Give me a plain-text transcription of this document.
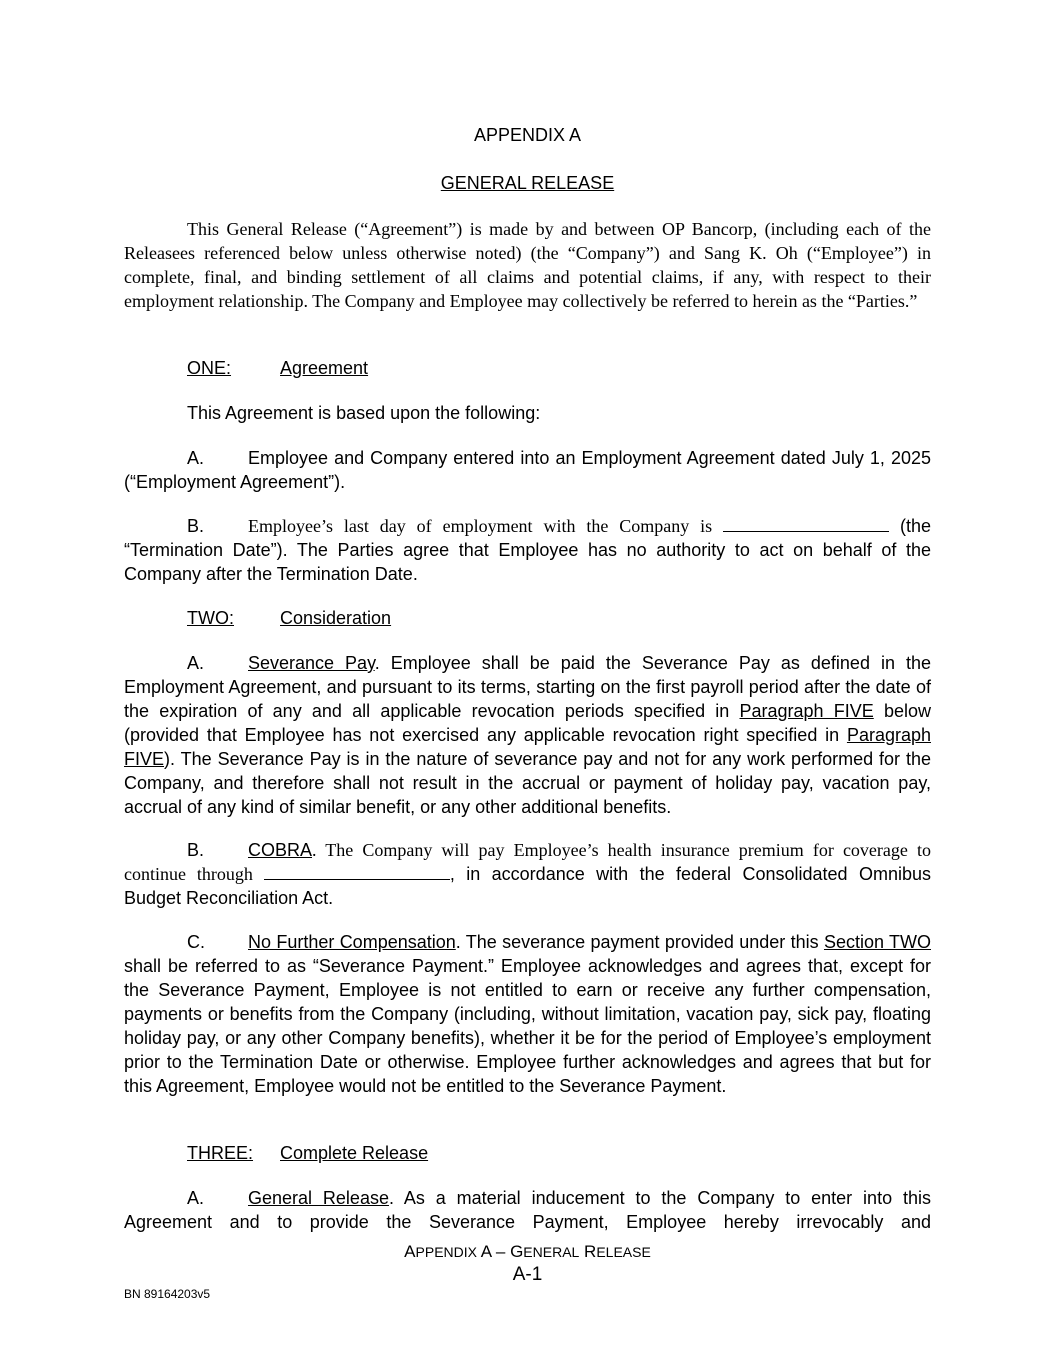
APPENDIX A
GENERAL RELEASE
This General Release (“Agreement”) is made by and between OP Bancorp, (including each of the Releasees referenced below unless otherwise noted) (the “Company”) and Sang K. Oh (“Employee”) in complete, final, and binding settlement of all claims and potential claims, if any, with respect to their employment relationship. The Company and Employee may collectively be referred to herein as the “Parties.”
ONE:	Agreement
This Agreement is based upon the following:
A. Employee and Company entered into an Employment Agreement dated July 1, 2025 (“Employment Agreement”).
B. Employee’s last day of employment with the Company is	(the “Termination Date”). The Parties agree that Employee has no authority to act on behalf of the Company after the Termination Date.
TWO:	Consideration
A. Severance Pay. Employee shall be paid the Severance Pay as defined in the Employment Agreement, and pursuant to its terms, starting on the first payroll period after the date of the expiration of any and all applicable revocation periods specified in Paragraph FIVE below (provided that Employee has not exercised any applicable revocation right specified in Paragraph FIVE). The Severance Pay is in the nature of severance pay and not for any work performed for the Company, and therefore shall not result in the accrual or payment of holiday pay, vacation pay, accrual of any kind of similar benefit, or any other additional benefits.
B. COBRA. The Company will pay Employee’s health insurance premium for coverage to continue through	, in accordance with the federal Consolidated Omnibus Budget Reconciliation Act.
C. No Further Compensation. The severance payment provided under this Section TWO shall be referred to as “Severance Payment.” Employee acknowledges and agrees that, except for the Severance Payment, Employee is not entitled to earn or receive any further compensation, payments or benefits from the Company (including, without limitation, vacation pay, sick pay, floating holiday pay, or any other Company benefits), whether it be for the period of Employee’s employment prior to the Termination Date or otherwise. Employee further acknowledges and agrees that but for this Agreement, Employee would not be entitled to the Severance Payment.
THREE: Complete Release
A. General Release. As a material inducement to the Company to enter into this Agreement and to provide the Severance Payment, Employee hereby irrevocably and
APPENDIX A – GENERAL RELEASE
A-1
BN 89164203v5
